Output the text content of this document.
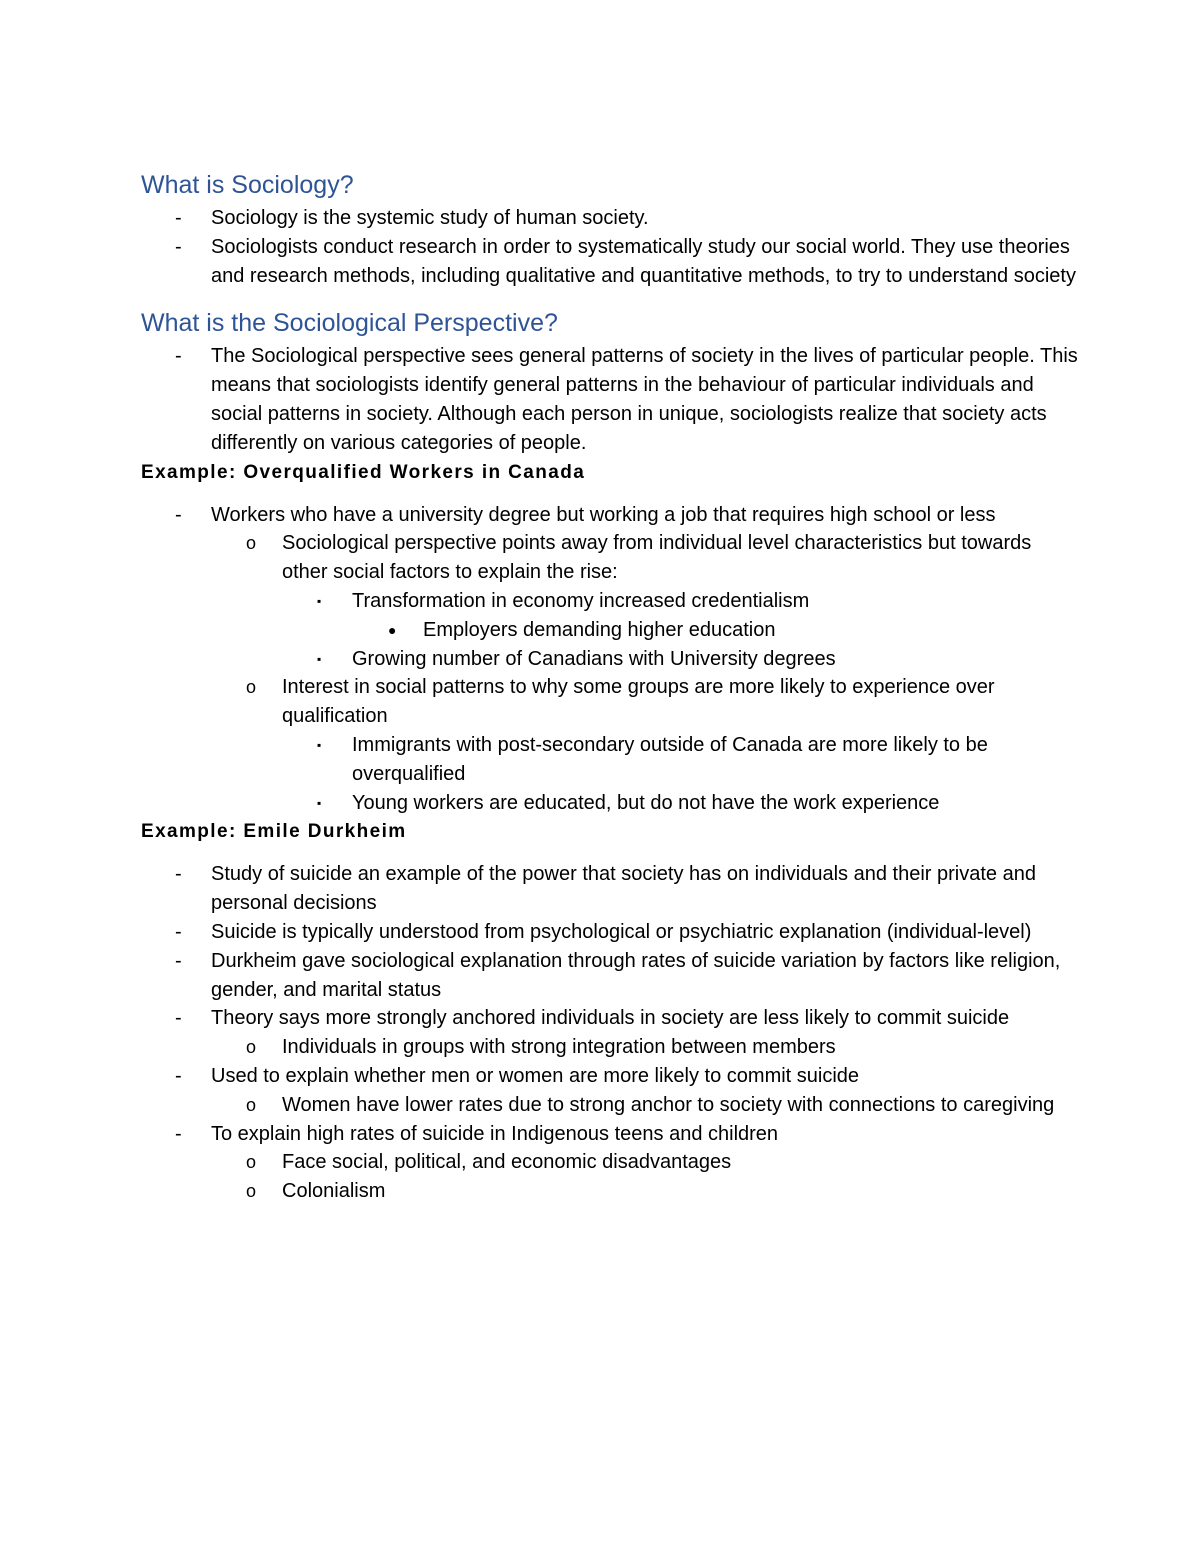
What is Sociology?
- Sociology is the systemic study of human society.
- Sociologists conduct research in order to systematically study our social world. They use theories and research methods, including qualitative and quantitative methods, to try to understand society
What is the Sociological Perspective?
- The Sociological perspective sees general patterns of society in the lives of particular people. This means that sociologists identify general patterns in the behaviour of particular individuals and social patterns in society. Although each person in unique, sociologists realize that society acts differently on various categories of people.
Example: Overqualified Workers in Canada
- Workers who have a university degree but working a job that requires high school or less
o Sociological perspective points away from individual level characteristics but towards other social factors to explain the rise:
▪ Transformation in economy increased credentialism
● Employers demanding higher education
▪ Growing number of Canadians with University degrees
o Interest in social patterns to why some groups are more likely to experience over qualification
▪ Immigrants with post-secondary outside of Canada are more likely to be overqualified
▪ Young workers are educated, but do not have the work experience
Example: Emile Durkheim
- Study of suicide an example of the power that society has on individuals and their private and personal decisions
- Suicide is typically understood from psychological or psychiatric explanation (individual-level)
- Durkheim gave sociological explanation through rates of suicide variation by factors like religion, gender, and marital status
- Theory says more strongly anchored individuals in society are less likely to commit suicide
o Individuals in groups with strong integration between members
- Used to explain whether men or women are more likely to commit suicide
o Women have lower rates due to strong anchor to society with connections to caregiving
- To explain high rates of suicide in Indigenous teens and children
o Face social, political, and economic disadvantages
o Colonialism
